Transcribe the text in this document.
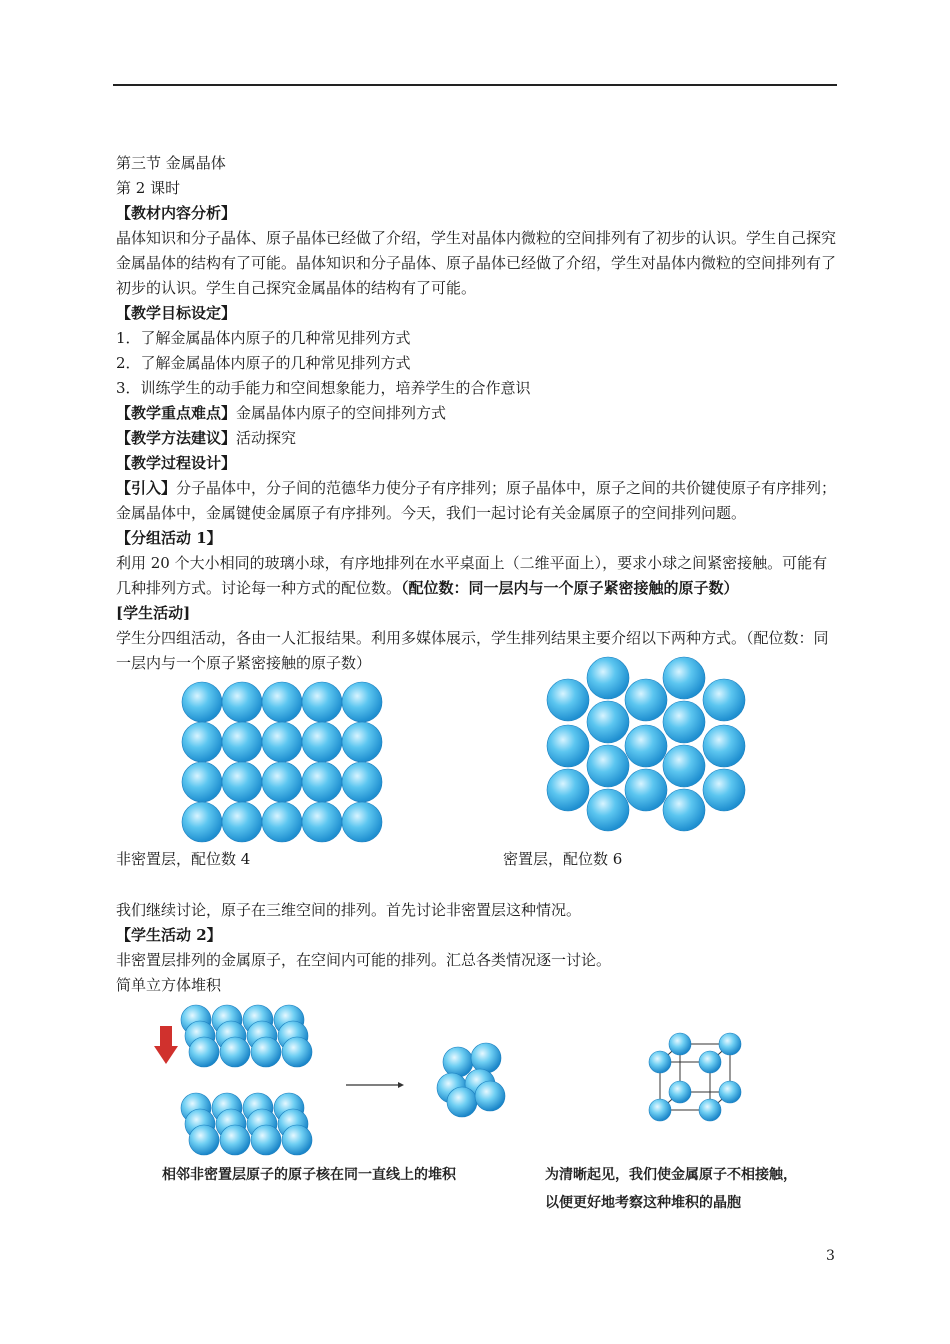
第三节 金属晶体

第 2 课时

【教材内容分析】

晶体知识和分子晶体、原子晶体已经做了介绍，学生对晶体内微粒的空间排列有了初步的认识。学生自己探究金属晶体的结构有了可能。晶体知识和分子晶体、原子晶体已经做了介绍，学生对晶体内微粒的空间排列有了初步的认识。学生自己探究金属晶体的结构有了可能。

【教学目标设定】

1．了解金属晶体内原子的几种常见排列方式

2．了解金属晶体内原子的几种常见排列方式

3．训练学生的动手能力和空间想象能力，培养学生的合作意识

【教学重点难点】金属晶体内原子的空间排列方式

【教学方法建议】活动探究

【教学过程设计】

【引入】分子晶体中，分子间的范德华力使分子有序排列；原子晶体中，原子之间的共价键使原子有序排列；金属晶体中，金属键使金属原子有序排列。今天，我们一起讨论有关金属原子的空间排列问题。

【分组活动 1】

利用 20 个大小相同的玻璃小球，有序地排列在水平桌面上（二维平面上），要求小球之间紧密接触。可能有几种排列方式。讨论每一种方式的配位数。（配位数：同一层内与一个原子紧密接触的原子数）

[学生活动]

学生分四组活动，各由一人汇报结果。利用多媒体展示，学生排列结果主要介绍以下两种方式。（配位数：同一层内与一个原子紧密接触的原子数）

非密置层，配位数 4	密置层，配位数 6

我们继续讨论，原子在三维空间的排列。首先讨论非密置层这种情况。

【学生活动 2】

非密置层排列的金属原子，在空间内可能的排列。汇总各类情况逐一讨论。

简单立方体堆积

相邻非密置层原子的原子核在同一直线上的堆积	为清晰起见，我们使金属原子不相接触，
以便更好地考察这种堆积的晶胞
3
